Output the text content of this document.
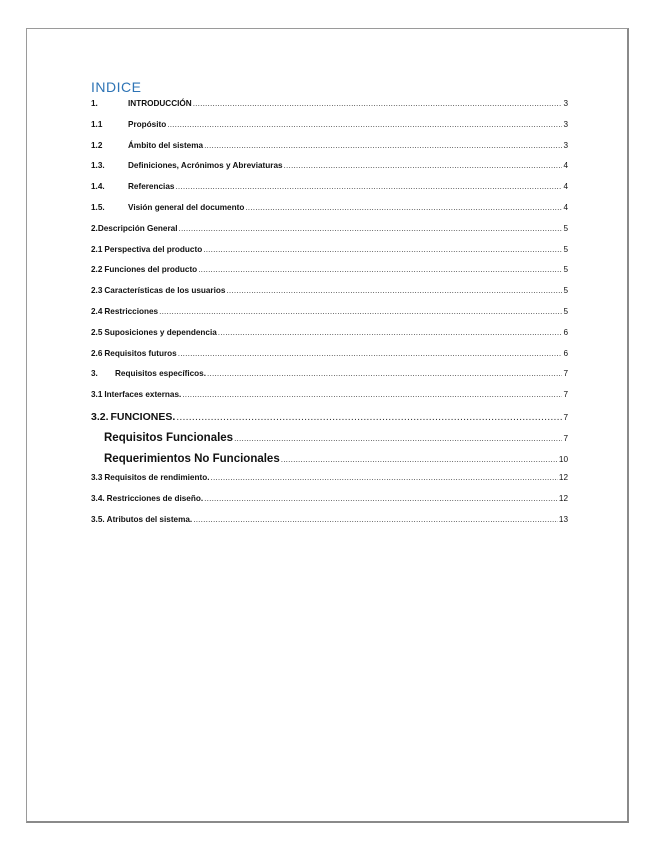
INDICE
1.	INTRODUCCIÓN .....	3
1.1	Propósito .....	3
1.2	Ámbito del sistema .....	3
1.3.	Definiciones, Acrónimos y Abreviaturas .....	4
1.4.	Referencias .....	4
1.5.	Visión general del documento .....	4
2. Descripción General .....	5
2.1 Perspectiva del producto .....	5
2.2 Funciones del producto .....	5
2.3 Características de los usuarios .....	5
2.4 Restricciones .....	5
2.5 Suposiciones y dependencia .....	6
2.6 Requisitos futuros .....	6
3.	Requisitos específicos. .....	7
3.1 Interfaces externas. .....	7
3.2. FUNCIONES. .....	7
Requisitos Funcionales .....	7
Requerimientos No Funcionales .....	10
3.3 Requisitos de rendimiento. .....	12
3.4. Restricciones de diseño. .....	12
3.5. Atributos del sistema. .....	13
